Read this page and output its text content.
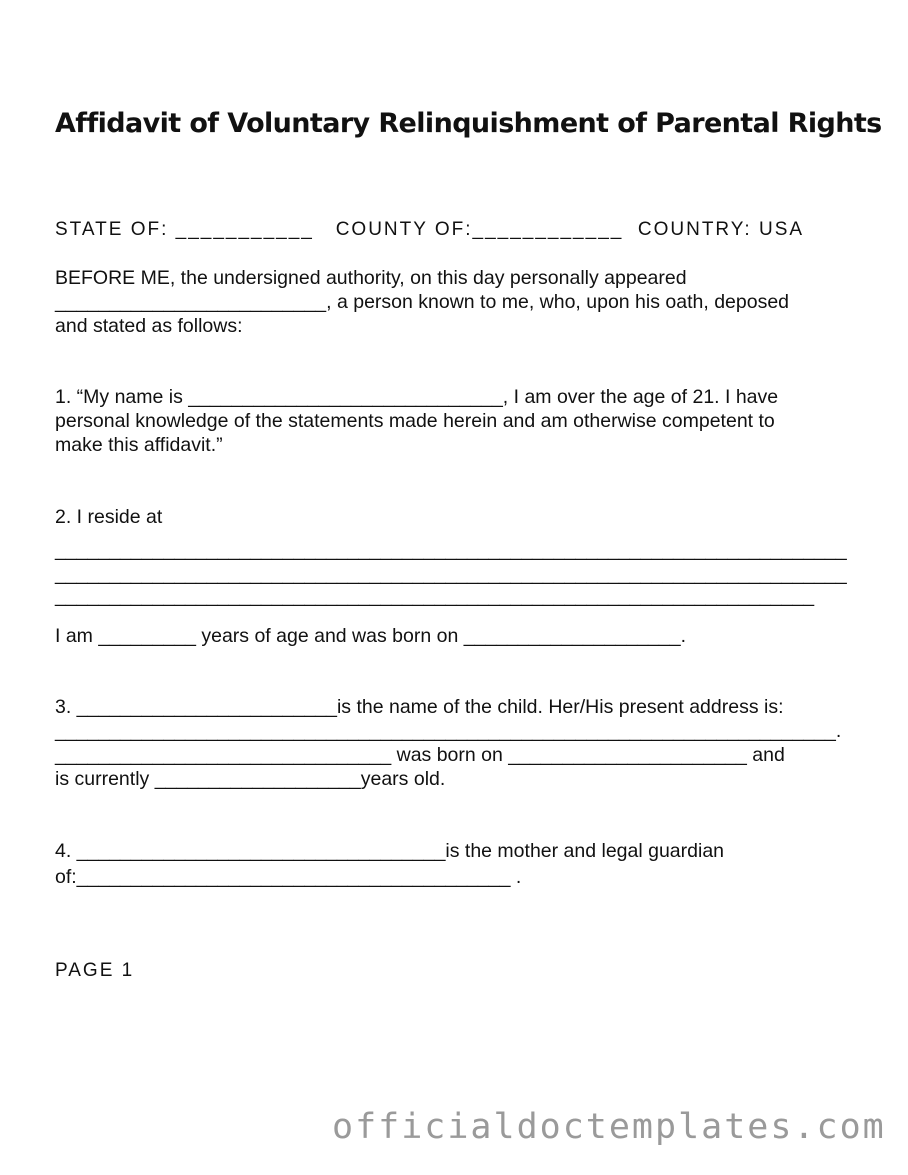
Affidavit of Voluntary Relinquishment of Parental Rights
STATE OF: ___________   COUNTY OF:____________  COUNTRY: USA
BEFORE ME, the undersigned authority, on this day personally appeared
_________________________, a person known to me, who, upon his oath, deposed
and stated as follows:
1. “My name is _____________________________, I am over the age of 21. I have
personal knowledge of the statements made herein and am otherwise competent to
make this affidavit.”
2. I reside at
_________________________________________________________________________
_________________________________________________________________________
______________________________________________________________________
I am _________ years of age and was born on ____________________.
3. ________________________is the name of the child. Her/His present address is:
________________________________________________________________________.
_______________________________ was born on ______________________ and
is currently ___________________years old.
4. __________________________________is the mother and legal guardian
of:________________________________________ .
PAGE 1
officialdoctemplates.com
